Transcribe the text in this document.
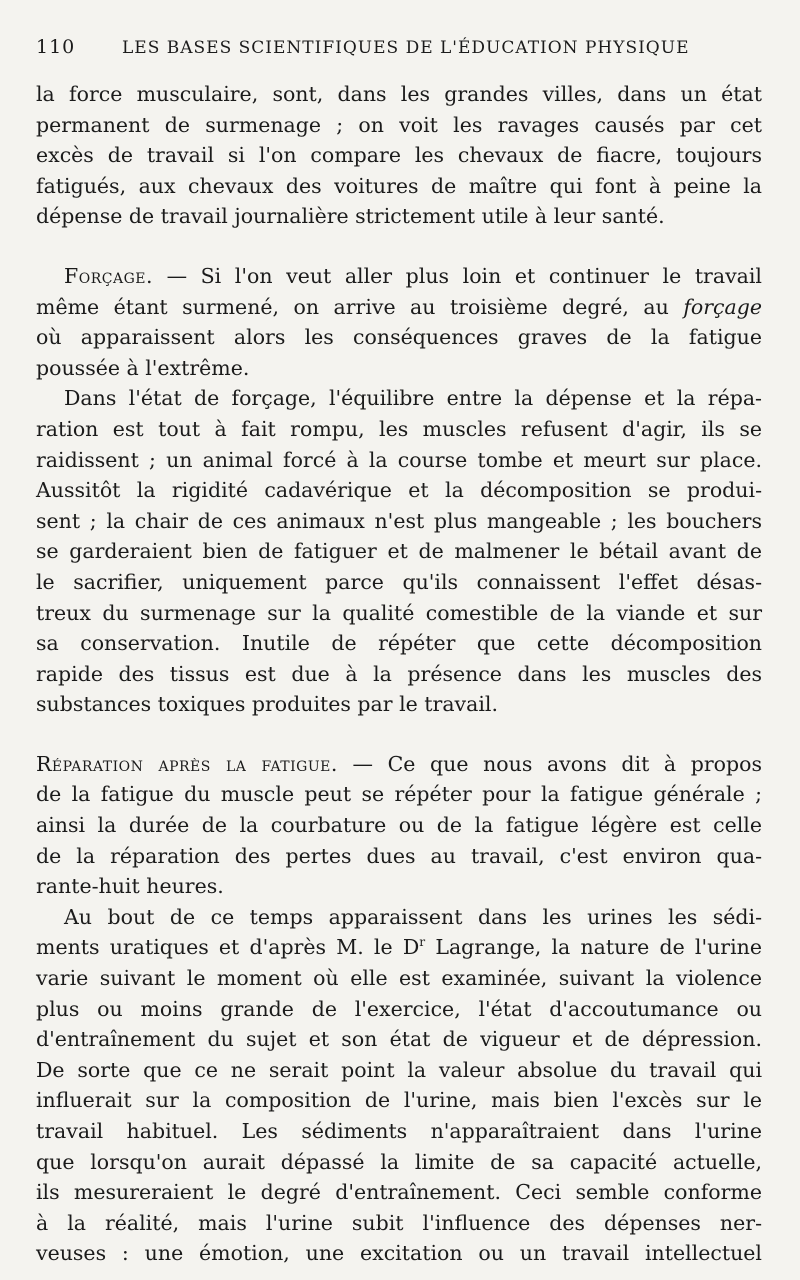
110	LES BASES SCIENTIFIQUES DE L'ÉDUCATION PHYSIQUE
la force musculaire, sont, dans les grandes villes, dans un état
permanent de surmenage ; on voit les ravages causés par cet
excès de travail si l'on compare les chevaux de fiacre, toujours
fatigués, aux chevaux des voitures de maître qui font à peine la
dépense de travail journalière strictement utile à leur santé.
Forçage. — Si l'on veut aller plus loin et continuer le travail
même étant surmené, on arrive au troisième degré, au forçage
où apparaissent alors les conséquences graves de la fatigue
poussée à l'extrême.
Dans l'état de forçage, l'équilibre entre la dépense et la répa-
ration est tout à fait rompu, les muscles refusent d'agir, ils se
raidissent ; un animal forcé à la course tombe et meurt sur place.
Aussitôt la rigidité cadavérique et la décomposition se produi-
sent ; la chair de ces animaux n'est plus mangeable ; les bouchers
se garderaient bien de fatiguer et de malmener le bétail avant de
le sacrifier, uniquement parce qu'ils connaissent l'effet désas-
treux du surmenage sur la qualité comestible de la viande et sur
sa conservation. Inutile de répéter que cette décomposition
rapide des tissus est due à la présence dans les muscles des
substances toxiques produites par le travail.
Réparation après la fatigue. — Ce que nous avons dit à propos
de la fatigue du muscle peut se répéter pour la fatigue générale ;
ainsi la durée de la courbature ou de la fatigue légère est celle
de la réparation des pertes dues au travail, c'est environ qua-
rante-huit heures.
Au bout de ce temps apparaissent dans les urines les sédi-
ments uratiques et d'après M. le $D^r$ Lagrange, la nature de l'urine
varie suivant le moment où elle est examinée, suivant la violence
plus ou moins grande de l'exercice, l'état d'accoutumance ou
d'entraînement du sujet et son état de vigueur et de dépression.
De sorte que ce ne serait point la valeur absolue du travail qui
influerait sur la composition de l'urine, mais bien l'excès sur le
travail habituel. Les sédiments n'apparaîtraient dans l'urine
que lorsqu'on aurait dépassé la limite de sa capacité actuelle,
ils mesureraient le degré d'entraînement. Ceci semble conforme
à la réalité, mais l'urine subit l'influence des dépenses ner-
veuses : une émotion, une excitation ou un travail intellectuel
